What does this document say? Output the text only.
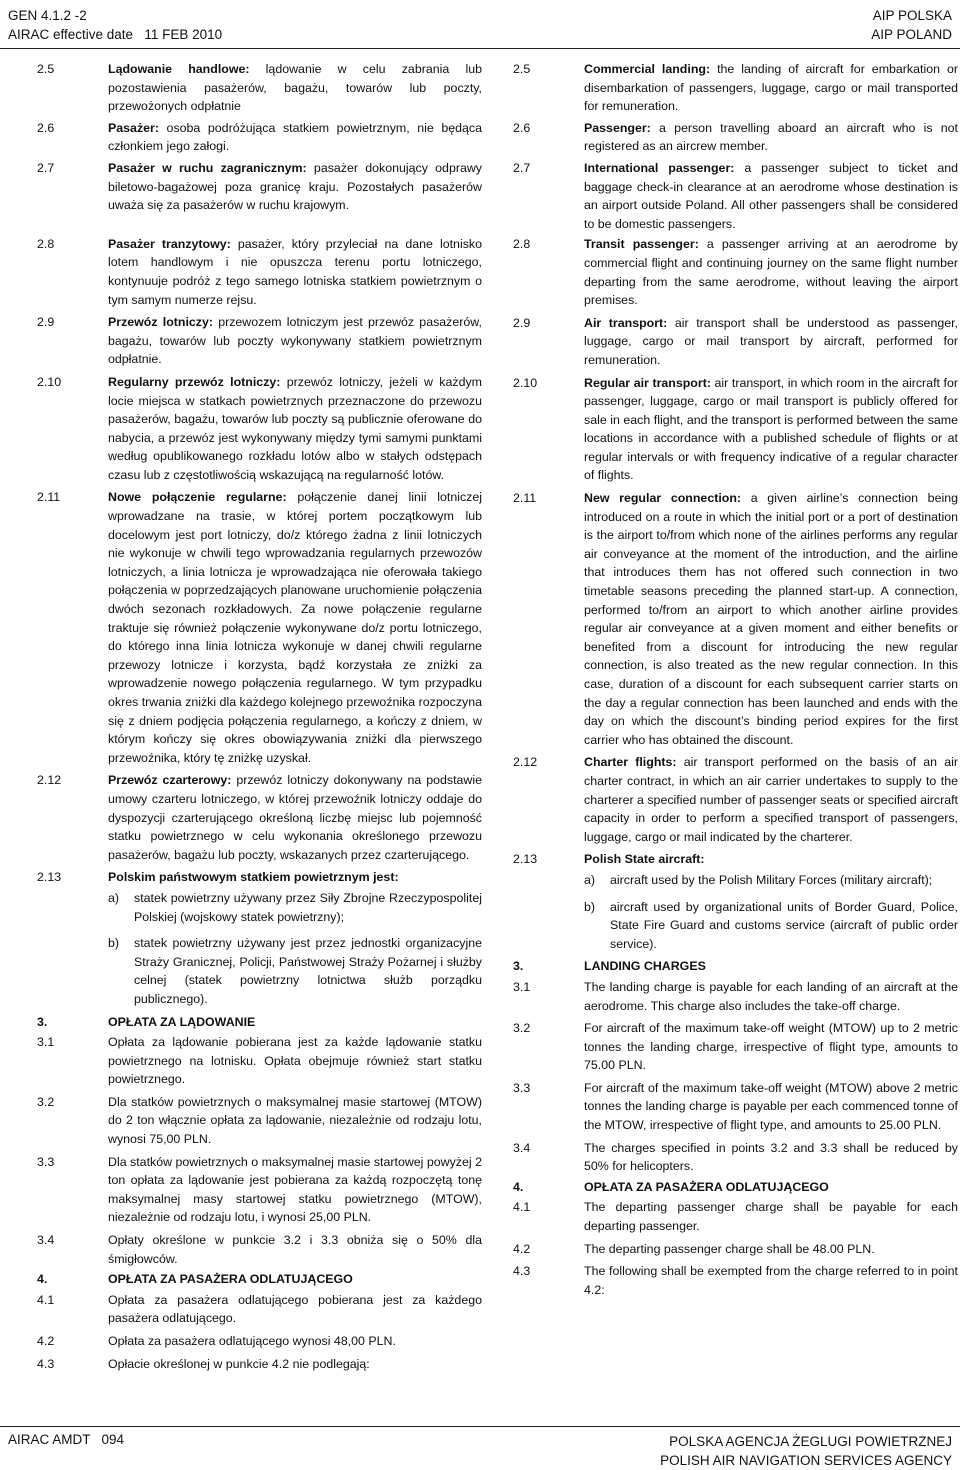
GEN 4.1.2 -2
AIRAC effective date   11 FEB 2010
AIP POLSKA
AIP POLAND
2.5	Lądowanie handlowe: lądowanie w celu zabrania lub pozostawienia pasażerów, bagażu, towarów lub poczty, przewożonych odpłatnie
2.6	Pasażer: osoba podróżująca statkiem powietrznym, nie będąca członkiem jego załogi.
2.7	Pasażer w ruchu zagranicznym: pasażer dokonujący odprawy biletowo-bagażowej poza granicę kraju. Pozostałych pasażerów uważa się za pasażerów w ruchu krajowym.
2.8	Pasażer tranzytowy: pasażer, który przyleciał na dane lotnisko lotem handlowym i nie opuszcza terenu portu lotniczego, kontynuuje podróż z tego samego lotniska statkiem powietrznym o tym samym numerze rejsu.
2.9	Przewóz lotniczy: przewozem lotniczym jest przewóz pasażerów, bagażu, towarów lub poczty wykonywany statkiem powietrznym odpłatnie.
2.10	Regularny przewóz lotniczy: przewóz lotniczy, jeżeli w każdym locie miejsca w statkach powietrznych przeznaczone do przewozu pasażerów, bagażu, towarów lub poczty są publicznie oferowane do nabycia, a przewóz jest wykonywany między tymi samymi punktami według opublikowanego rozkładu lotów albo w stałych odstępach czasu lub z częstotliwością wskazującą na regularność lotów.
2.11	Nowe połączenie regularne: połączenie danej linii lotniczej wprowadzane na trasie, w której portem początkowym lub docelowym jest port lotniczy, do/z którego żadna z linii lotniczych nie wykonuje w chwili tego wprowadzania regularnych przewozów lotniczych, a linia lotnicza je wprowadzająca nie oferowała takiego połączenia w poprzedzających planowane uruchomienie połączenia dwóch sezonach rozkładowych. Za nowe połączenie regularne traktuje się również połączenie wykonywane do/z portu lotniczego, do którego inna linia lotnicza wykonuje w danej chwili regularne przewozy lotnicze i korzysta, bądź korzystała ze zniżki za wprowadzenie nowego połączenia regularnego. W tym przypadku okres trwania zniżki dla każdego kolejnego przewoźnika rozpoczyna się z dniem podjęcia połączenia regularnego, a kończy z dniem, w którym kończy się okres obowiązywania zniżki dla pierwszego przewoźnika, który tę zniżkę uzyskał.
2.12	Przewóz czarterowy: przewóz lotniczy dokonywany na podstawie umowy czarteru lotniczego, w której przewoźnik lotniczy oddaje do dyspozycji czarterującego określoną liczbę miejsc lub pojemność statku powietrznego w celu wykonania określonego przewozu pasażerów, bagażu lub poczty, wskazanych przez czarterującego.
2.13	Polskim państwowym statkiem powietrznym jest:
a)	statek powietrzny używany przez Siły Zbrojne Rzeczypospolitej Polskiej (wojskowy statek powietrzny);
b)	statek powietrzny używany jest przez jednostki organizacyjne Straży Granicznej, Policji, Państwowej Straży Pożarnej i służby celnej (statek powietrzny lotnictwa służb porządku publicznego).
3.	OPŁATA ZA LĄDOWANIE
3.1	Opłata za lądowanie pobierana jest za każde lądowanie statku powietrznego na lotnisku. Opłata obejmuje również start statku powietrznego.
3.2	Dla statków powietrznych o maksymalnej masie startowej (MTOW) do 2 ton włącznie opłata za lądowanie, niezależnie od rodzaju lotu, wynosi 75,00 PLN.
3.3	Dla statków powietrznych o maksymalnej masie startowej powyżej 2 ton opłata za lądowanie jest pobierana za każdą rozpoczętą tonę maksymalnej masy startowej statku powietrznego (MTOW), niezależnie od rodzaju lotu, i wynosi 25,00 PLN.
3.4	Opłaty określone w punkcie 3.2 i 3.3 obniża się o 50% dla śmigłowców.
4.	OPŁATA ZA PASAŻERA ODLATUJĄCEGO
4.1	Opłata za pasażera odlatującego pobierana jest za każdego pasażera odlatującego.
4.2	Opłata za pasażera odlatującego wynosi 48,00 PLN.
4.3	Opłacie określonej w punkcie 4.2 nie podlegają:
2.5	Commercial landing: the landing of aircraft for embarkation or disembarkation of passengers, luggage, cargo or mail transported for remuneration.
2.6	Passenger: a person travelling aboard an aircraft who is not registered as an aircrew member.
2.7	International passenger: a passenger subject to ticket and baggage check-in clearance at an aerodrome whose destination is an airport outside Poland. All other passengers shall be considered to be domestic passengers.
2.8	Transit passenger: a passenger arriving at an aerodrome by commercial flight and continuing journey on the same flight number departing from the same aerodrome, without leaving the airport premises.
2.9	Air transport: air transport shall be understood as passenger, luggage, cargo or mail transport by aircraft, performed for remuneration.
2.10	Regular air transport: air transport, in which room in the aircraft for passenger, luggage, cargo or mail transport is publicly offered for sale in each flight, and the transport is performed between the same locations in accordance with a published schedule of flights or at regular intervals or with frequency indicative of a regular character of flights.
2.11	New regular connection: a given airline’s connection being introduced on a route in which the initial port or a port of destination is the airport to/from which none of the airlines performs any regular air conveyance at the moment of the introduction, and the airline that introduces them has not offered such connection in two timetable seasons preceding the planned start-up. A connection, performed to/from an airport to which another airline provides regular air conveyance at a given moment and either benefits or benefited from a discount for introducing the new regular connection, is also treated as the new regular connection. In this case, duration of a discount for each subsequent carrier starts on the day a regular connection has been launched and ends with the day on which the discount’s binding period expires for the first carrier who has obtained the discount.
2.12	Charter flights: air transport performed on the basis of an air charter contract, in which an air carrier undertakes to supply to the charterer a specified number of passenger seats or specified aircraft capacity in order to perform a specified transport of passengers, luggage, cargo or mail indicated by the charterer.
2.13	Polish State aircraft:
a)	aircraft used by the Polish Military Forces (military aircraft);
b)	aircraft used by organizational units of Border Guard, Police, State Fire Guard and customs service (aircraft of public order service).
3.	LANDING CHARGES
3.1	The landing charge is payable for each landing of an aircraft at the aerodrome. This charge also includes the take-off charge.
3.2	For aircraft of the maximum take-off weight (MTOW) up to 2 metric tonnes the landing charge, irrespective of flight type, amounts to 75.00 PLN.
3.3	For aircraft of the maximum take-off weight (MTOW) above 2 metric tonnes the landing charge is payable per each commenced tonne of the MTOW, irrespective of flight type, and amounts to 25.00 PLN.
3.4	The charges specified in points 3.2 and 3.3 shall be reduced by 50% for helicopters.
4.	OPŁATA ZA PASAŻERA ODLATUJĄCEGO
4.1	The departing passenger charge shall be payable for each departing passenger.
4.2	The departing passenger charge shall be 48.00 PLN.
4.3	The following shall be exempted from the charge referred to in point 4.2:
AIRAC AMDT   094	POLSKA AGENCJA ŻEGLUGI POWIETRZNEJ
POLISH AIR NAVIGATION SERVICES AGENCY
